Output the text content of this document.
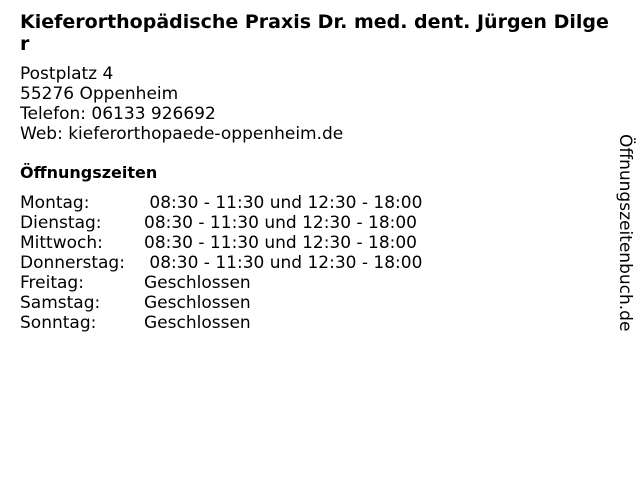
Kieferorthopädische Praxis Dr. med. dent. Jürgen Dilger
Postplatz 4
55276 Oppenheim
Telefon: 06133 926692
Web: kieferorthopaede-oppenheim.de
Öffnungszeiten
Montag:	08:30 - 11:30 und 12:30 - 18:00
Dienstag:	08:30 - 11:30 und 12:30 - 18:00
Mittwoch:	08:30 - 11:30 und 12:30 - 18:00
Donnerstag:	08:30 - 11:30 und 12:30 - 18:00
Freitag:	Geschlossen
Samstag:	Geschlossen
Sonntag:	Geschlossen	Öffnungszeitenbuch.de
